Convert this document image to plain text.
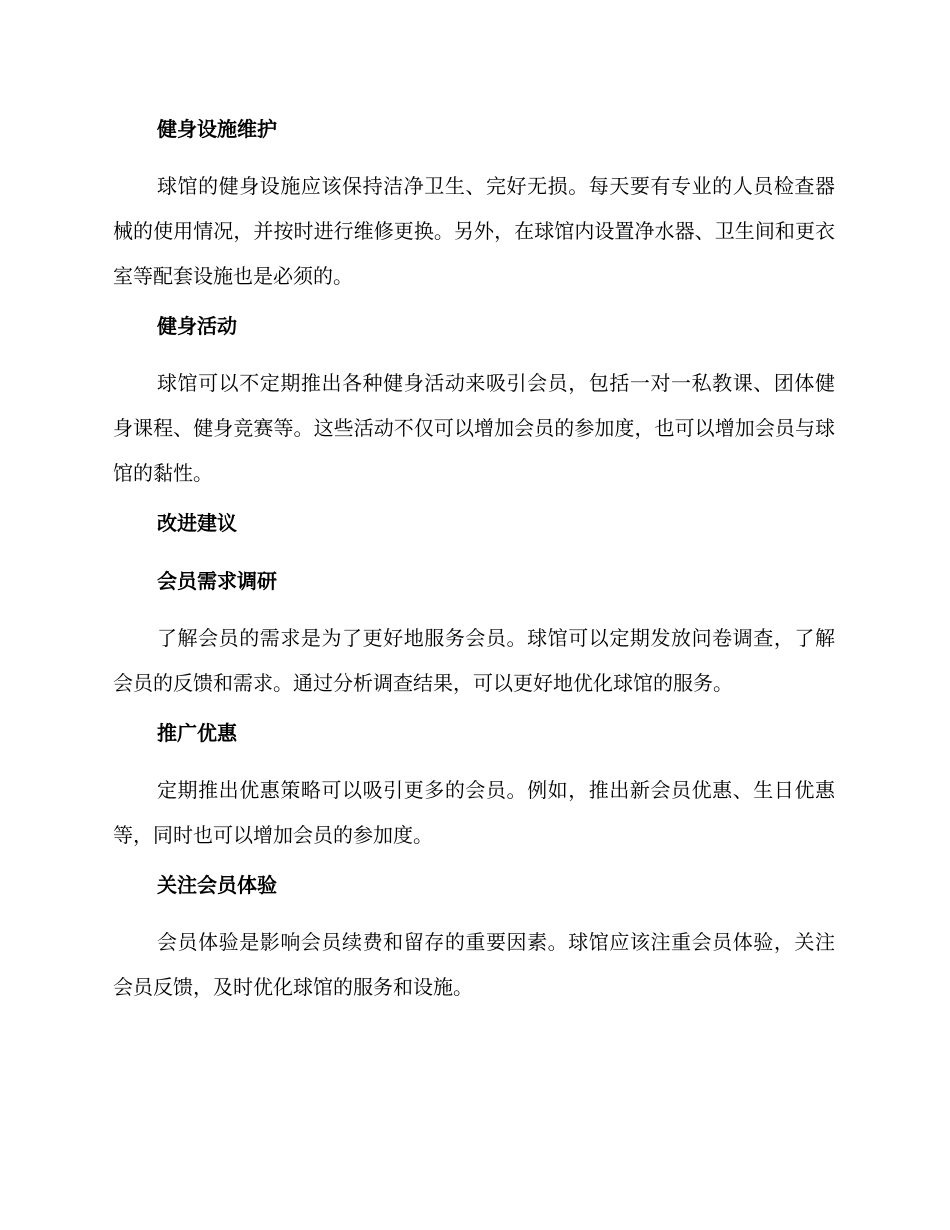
健身设施维护

球馆的健身设施应该保持洁净卫生、完好无损。每天要有专业的人员检查器械的使用情况，并按时进行维修更换。另外，在球馆内设置净水器、卫生间和更衣室等配套设施也是必须的。

健身活动

球馆可以不定期推出各种健身活动来吸引会员，包括一对一私教课、团体健身课程、健身竞赛等。这些活动不仅可以增加会员的参加度，也可以增加会员与球馆的黏性。

改进建议

会员需求调研

了解会员的需求是为了更好地服务会员。球馆可以定期发放问卷调查，了解会员的反馈和需求。通过分析调查结果，可以更好地优化球馆的服务。

推广优惠

定期推出优惠策略可以吸引更多的会员。例如，推出新会员优惠、生日优惠等，同时也可以增加会员的参加度。

关注会员体验

会员体验是影响会员续费和留存的重要因素。球馆应该注重会员体验，关注会员反馈，及时优化球馆的服务和设施。
